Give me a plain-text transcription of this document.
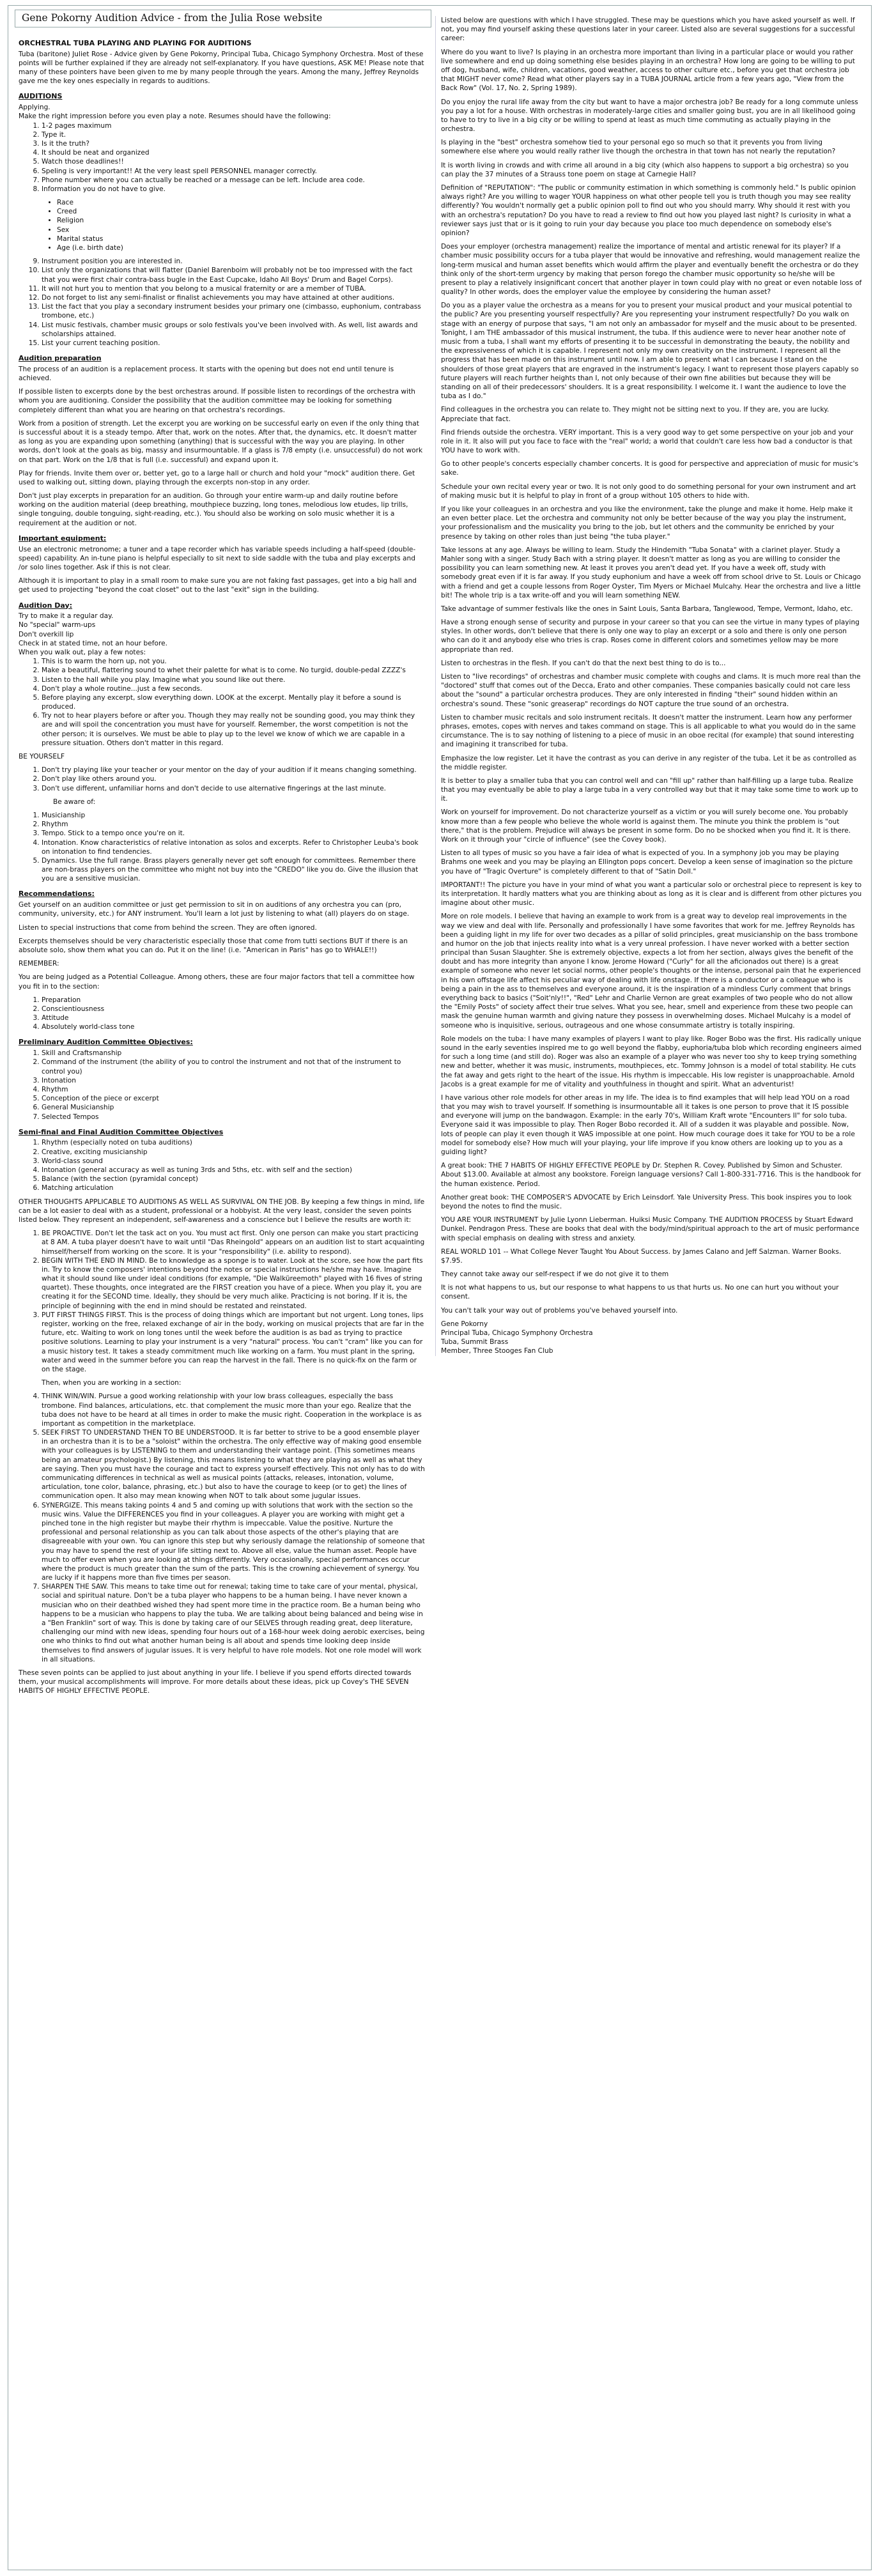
Gene Pokorny Audition Advice - from the Julia Rose website
ORCHESTRAL TUBA PLAYING AND PLAYING FOR AUDITIONS

Tuba (baritone) Juliet Rose - Advice given by Gene Pokorny, Principal Tuba, Chicago Symphony Orchestra. Most of these points will be further explained if they are already not self-explanatory. If you have questions, ASK ME! Please note that many of these pointers have been given to me by many people through the years. Among the many, Jeffrey Reynolds gave me the key ones especially in regards to auditions.

AUDITIONS
Applying.
Make the right impression before you even play a note. Resumes should have the following:
1. 1-2 pages maximum
2. Type it.
3. Is it the truth?
4. It should be neat and organized
5. Watch those deadlines!!
6. Speling is very important!! At the very least spell PERSONNEL manager correctly.
7. Phone number where you can actually be reached or a message can be left. Include area code.
8. Information you do not have to give.
• Race
• Creed
• Religion
• Sex
• Marital status
• Age (i.e. birth date)
9. Instrument position you are interested in.
10. List only the organizations that will flatter (Daniel Barenboim will probably not be too impressed with the fact that you were first chair contra-bass bugle in the East Cupcake, Idaho All Boys' Drum and Bagel Corps).
11. It will not hurt you to mention that you belong to a musical fraternity or are a member of TUBA.
12. Do not forget to list any semi-finalist or finalist achievements you may have attained at other auditions.
13. List the fact that you play a secondary instrument besides your primary one (cimbasso, euphonium, contrabass trombone, etc.)
14. List music festivals, chamber music groups or solo festivals you've been involved with. As well, list awards and scholarships attained.
15. List your current teaching position.
Audition preparation

The process of an audition is a replacement process. It starts with the opening but does not end until tenure is achieved.

If possible listen to excerpts done by the best orchestras around. If possible listen to recordings of the orchestra with whom you are auditioning. Consider the possibility that the audition committee may be looking for something completely different than what you are hearing on that orchestra's recordings.

Work from a position of strength. Let the excerpt you are working on be successful early on even if the only thing that is successful about it is a steady tempo. After that, work on the notes. After that, the dynamics, etc. It doesn't matter as long as you are expanding upon something (anything) that is successful with the way you are playing. In other words, don't look at the goals as big, massy and insurmountable. If a glass is 7/8 empty (i.e. unsuccessful) do not work on that part. Work on the 1/8 that is full (i.e. successful) and expand upon it.

Play for friends. Invite them over or, better yet, go to a large hall or church and hold your "mock" audition there. Get used to walking out, sitting down, playing through the excerpts non-stop in any order.

Don't just play excerpts in preparation for an audition. Go through your entire warm-up and daily routine before working on the audition material (deep breathing, mouthpiece buzzing, long tones, melodious low etudes, lip trills, single tonguing, double tonguing, sight-reading, etc.). You should also be working on solo music whether it is a requirement at the audition or not.

Important equipment:

Use an electronic metronome; a tuner and a tape recorder which has variable speeds including a half-speed (double-speed) capability. An in-tune piano is helpful especially to sit next to side saddle with the tuba and play excerpts and /or solo lines together. Ask if this is not clear.

Although it is important to play in a small room to make sure you are not faking fast passages, get into a big hall and get used to projecting "beyond the coat closet" out to the last "exit" sign in the building.

Audition Day:
Try to make it a regular day.
No "special" warm-ups
Don't overkill lip
Check in at stated time, not an hour before.
When you walk out, play a few notes:
1. This is to warm the horn up, not you.
2. Make a beautiful, flattering sound to whet their palette for what is to come. No turgid, double-pedal ZZZZ's
3. Listen to the hall while you play. Imagine what you sound like out there.
4. Don't play a whole routine...just a few seconds.
5. Before playing any excerpt, slow everything down. LOOK at the excerpt. Mentally play it before a sound is produced.
6. Try not to hear players before or after you. Though they may really not be sounding good, you may think they are and will spoil the concentration you must have for yourself. Remember, the worst competition is not the other person; it is ourselves. We must be able to play up to the level we know of which we are capable in a pressure situation. Others don't matter in this regard.

BE YOURSELF

1. Don't try playing like your teacher or your mentor on the day of your audition if it means changing something.
2. Don't play like others around you.
3. Don't use different, unfamiliar horns and don't decide to use alternative fingerings at the last minute.

Be aware of:

1. Musicianship
2. Rhythm
3. Tempo. Stick to a tempo once you're on it.
4. Intonation. Know characteristics of relative intonation as solos and excerpts. Refer to Christopher Leuba's book on intonation to find tendencies.
5. Dynamics. Use the full range. Brass players generally never get soft enough for committees. Remember there are non-brass players on the committee who might not buy into the "CREDO" like you do. Give the illusion that you are a sensitive musician.
Recommendations:

Get yourself on an audition committee or just get permission to sit in on auditions of any orchestra you can (pro, community, university, etc.) for ANY instrument. You'll learn a lot just by listening to what (all) players do on stage.

Listen to special instructions that come from behind the screen. They are often ignored.

Excerpts themselves should be very characteristic especially those that come from tutti sections BUT if there is an absolute solo, show them what you can do. Put it on the line! (i.e. "American in Paris" has go to WHALE!!)

REMEMBER:

You are being judged as a Potential Colleague. Among others, these are four major factors that tell a committee how you fit in to the section:

1. Preparation
2. Conscientiousness
3. Attitude
4. Absolutely world-class tone
Preliminary Audition Committee Objectives:
1. Skill and Craftsmanship
2. Command of the instrument (the ability of you to control the instrument and not that of the instrument to control you)
3. Intonation
4. Rhythm
5. Conception of the piece or excerpt
6. General Musicianship
7. Selected Tempos
Semi-final and Final Audition Committee Objectives
1. Rhythm (especially noted on tuba auditions)
2. Creative, exciting musicianship
3. World-class sound
4. Intonation (general accuracy as well as tuning 3rds and 5ths, etc. with self and the section)
5. Balance (with the section (pyramidal concept)
6. Matching articulation

OTHER THOUGHTS APPLICABLE TO AUDITIONS AS WELL AS SURVIVAL ON THE JOB. By keeping a few things in mind, life can be a lot easier to deal with as a student, professional or a hobbyist. At the very least, consider the seven points listed below. They represent an independent, self-awareness and a conscience but I believe the results are worth it:

1. BE PROACTIVE. Don't let the task act on you. You must act first. Only one person can make you start practicing at 8 AM. A tuba player doesn't have to wait until "Das Rheingold" appears on an audition list to start acquainting himself/herself from working on the score. It is your "responsibility" (i.e. ability to respond).
2. BEGIN WITH THE END IN MIND. Be to knowledge as a sponge is to water. Look at the score, see how the part fits in. Try to know the composers' intentions beyond the notes or special instructions he/she may have. Imagine what it should sound like under ideal conditions (for example, "Die Walküreemoth" played with 16 fives of string quartet). These thoughts, once integrated are the FIRST creation you have of a piece. When you play it, you are creating it for the SECOND time. Ideally, they should be very much alike. Practicing is not boring. If it is, the principle of beginning with the end in mind should be restated and reinstated.
3. PUT FIRST THINGS FIRST. This is the process of doing things which are important but not urgent. Long tones, lips register, working on the free, relaxed exchange of air in the body, working on musical projects that are far in the future, etc. Waiting to work on long tones until the week before the audition is as bad as trying to practice positive solutions. Learning to play your instrument is a very "natural" process. You can't "cram" like you can for a music history test. It takes a steady commitment much like working on a farm. You must plant in the spring, water and weed in the summer before you can reap the harvest in the fall. There is no quick-fix on the farm or on the stage.

Then, when you are working in a section:

4. THINK WIN/WIN. Pursue a good working relationship with your low brass colleagues, especially the bass trombone. Find balances, articulations, etc. that complement the music more than your ego. Realize that the tuba does not have to be heard at all times in order to make the music right. Cooperation in the workplace is as important as competition in the marketplace.
5. SEEK FIRST TO UNDERSTAND THEN TO BE UNDERSTOOD. It is far better to strive to be a good ensemble player in an orchestra than it is to be a "soloist" within the orchestra. The only effective way of making good ensemble with your colleagues is by LISTENING to them and understanding their vantage point. (This sometimes means being an amateur psychologist.) By listening, this means listening to what they are playing as well as what they are saying. Then you must have the courage and tact to express yourself effectively. This not only has to do with communicating differences in technical as well as musical points (attacks, releases, intonation, volume, articulation, tone color, balance, phrasing, etc.) but also to have the courage to keep (or to get) the lines of communication open. It also may mean knowing when NOT to talk about some jugular issues.
6. SYNERGIZE. This means taking points 4 and 5 and coming up with solutions that work with the section so the music wins. Value the DIFFERENCES you find in your colleagues. A player you are working with might get a pinched tone in the high register but maybe their rhythm is impeccable. Value the positive. Nurture the professional and personal relationship as you can talk about those aspects of the other's playing that are disagreeable with your own. You can ignore this step but why seriously damage the relationship of someone that you may have to spend the rest of your life sitting next to. Above all else, value the human asset. People have much to offer even when you are looking at things differently. Very occasionally, special performances occur where the product is much greater than the sum of the parts. This is the crowning achievement of synergy. You are lucky if it happens more than five times per season.
7. SHARPEN THE SAW. This means to take time out for renewal; taking time to take care of your mental, physical, social and spiritual nature. Don't be a tuba player who happens to be a human being. I have never known a musician who on their deathbed wished they had spent more time in the practice room. Be a human being who happens to be a musician who happens to play the tuba. We are talking about being balanced and being wise in a "Ben Franklin" sort of way. This is done by taking care of our SELVES through reading great, deep literature, challenging our mind with new ideas, spending four hours out of a 168-hour week doing aerobic exercises, being one who thinks to find out what another human being is all about and spends time looking deep inside themselves to find answers of jugular issues. It is very helpful to have role models. Not one role model will work in all situations.

These seven points can be applied to just about anything in your life. I believe if you spend efforts directed towards them, your musical accomplishments will improve. For more details about these ideas, pick up Covey's THE SEVEN HABITS OF HIGHLY EFFECTIVE PEOPLE.

Listed below are questions with which I have struggled. These may be questions which you have asked yourself as well. If not, you may find yourself asking these questions later in your career. Listed also are several suggestions for a successful career:

Where do you want to live? Is playing in an orchestra more important than living in a particular place or would you rather live somewhere and end up doing something else besides playing in an orchestra? How long are going to be willing to put off dog, husband, wife, children, vacations, good weather, access to other culture etc., before you get that orchestra job that MIGHT never come? Read what other players say in a TUBA JOURNAL article from a few years ago, "View from the Back Row" (Vol. 17, No. 2, Spring 1989).

Do you enjoy the rural life away from the city but want to have a major orchestra job? Be ready for a long commute unless you pay a lot for a house. With orchestras in moderately-large cities and smaller going bust, you are in all likelihood going to have to try to live in a big city or be willing to spend at least as much time commuting as actually playing in the orchestra.

Is playing in the "best" orchestra somehow tied to your personal ego so much so that it prevents you from living somewhere else where you would really rather live though the orchestra in that town has not nearly the reputation?

It is worth living in crowds and with crime all around in a big city (which also happens to support a big orchestra) so you can play the 37 minutes of a Strauss tone poem on stage at Carnegie Hall?

Definition of "REPUTATION": "The public or community estimation in which something is commonly held." Is public opinion always right? Are you willing to wager YOUR happiness on what other people tell you is truth though you may see reality differently? You wouldn't normally get a public opinion poll to find out who you should marry. Why should it rest with you with an orchestra's reputation? Do you have to read a review to find out how you played last night? Is curiosity in what a reviewer says just that or is it going to ruin your day because you place too much dependence on somebody else's opinion?

Does your employer (orchestra management) realize the importance of mental and artistic renewal for its player? If a chamber music possibility occurs for a tuba player that would be innovative and refreshing, would management realize the long-term musical and human asset benefits which would affirm the player and eventually benefit the orchestra or do they think only of the short-term urgency by making that person forego the chamber music opportunity so he/she will be present to play a relatively insignificant concert that another player in town could play with no great or even notable loss of quality? In other words, does the employer value the employee by considering the human asset?

Do you as a player value the orchestra as a means for you to present your musical product and your musical potential to the public? Are you presenting yourself respectfully? Are you representing your instrument respectfully? Do you walk on stage with an energy of purpose that says, "I am not only an ambassador for myself and the music about to be presented. Tonight, I am THE ambassador of this musical instrument, the tuba. If this audience were to never hear another note of music from a tuba, I shall want my efforts of presenting it to be successful in demonstrating the beauty, the nobility and the expressiveness of which it is capable. I represent not only my own creativity on the instrument. I represent all the progress that has been made on this instrument until now. I am able to present what I can because I stand on the shoulders of those great players that are engraved in the instrument's legacy. I want to represent those players capably so future players will reach further heights than I, not only because of their own fine abilities but because they will be standing on all of their predecessors' shoulders. It is a great responsibility. I welcome it. I want the audience to love the tuba as I do."

Find colleagues in the orchestra you can relate to. They might not be sitting next to you. If they are, you are lucky. Appreciate that fact.

Find friends outside the orchestra. VERY important. This is a very good way to get some perspective on your job and your role in it. It also will put you face to face with the "real" world; a world that couldn't care less how bad a conductor is that YOU have to work with.

Go to other people's concerts especially chamber concerts. It is good for perspective and appreciation of music for music's sake.

Schedule your own recital every year or two. It is not only good to do something personal for your own instrument and art of making music but it is helpful to play in front of a group without 105 others to hide with.

If you like your colleagues in an orchestra and you like the environment, take the plunge and make it home. Help make it an even better place. Let the orchestra and community not only be better because of the way you play the instrument, your professionalism and the musicality you bring to the job, but let others and the community be enriched by your presence by taking on other roles than just being "the tuba player."

Take lessons at any age. Always be willing to learn. Study the Hindemith "Tuba Sonata" with a clarinet player. Study a Mahler song with a singer. Study Bach with a string player. It doesn't matter as long as you are willing to consider the possibility you can learn something new. At least it proves you aren't dead yet. If you have a week off, study with somebody great even if it is far away. If you study euphonium and have a week off from school drive to St. Louis or Chicago with a friend and get a couple lessons from Roger Oyster, Tim Myers or Michael Mulcahy. Hear the orchestra and live a little bit! The whole trip is a tax write-off and you will learn something NEW.

Take advantage of summer festivals like the ones in Saint Louis, Santa Barbara, Tanglewood, Tempe, Vermont, Idaho, etc.

Have a strong enough sense of security and purpose in your career so that you can see the virtue in many types of playing styles. In other words, don't believe that there is only one way to play an excerpt or a solo and there is only one person who can do it and anybody else who tries is crap. Roses come in different colors and sometimes yellow may be more appropriate than red.

Listen to orchestras in the flesh. If you can't do that the next best thing to do is to...

Listen to "live recordings" of orchestras and chamber music complete with coughs and clams. It is much more real than the "doctored" stuff that comes out of the Decca, Erato and other companies. These companies basically could not care less about the "sound" a particular orchestra produces. They are only interested in finding "their" sound hidden within an orchestra's sound. These "sonic greaserap" recordings do NOT capture the true sound of an orchestra.

Listen to chamber music recitals and solo instrument recitals. It doesn't matter the instrument. Learn how any performer phrases, emotes, copes with nerves and takes command on stage. This is all applicable to what you would do in the same circumstance. The is to say nothing of listening to a piece of music in an oboe recital (for example) that sound interesting and imagining it transcribed for tuba.

Emphasize the low register. Let it have the contrast as you can derive in any register of the tuba. Let it be as controlled as the middle register.

It is better to play a smaller tuba that you can control well and can "fill up" rather than half-filling up a large tuba. Realize that you may eventually be able to play a large tuba in a very controlled way but that it may take some time to work up to it.

Work on yourself for improvement. Do not characterize yourself as a victim or you will surely become one. You probably know more than a few people who believe the whole world is against them. The minute you think the problem is "out there," that is the problem. Prejudice will always be present in some form. Do no be shocked when you find it. It is there. Work on it through your "circle of influence" (see the Covey book).

Listen to all types of music so you have a fair idea of what is expected of you. In a symphony job you may be playing Brahms one week and you may be playing an Ellington pops concert. Develop a keen sense of imagination so the picture you have of "Tragic Overture" is completely different to that of "Satin Doll."

IMPORTANT!! The picture you have in your mind of what you want a particular solo or orchestral piece to represent is key to its interpretation. It hardly matters what you are thinking about as long as it is clear and is different from other pictures you imagine about other music.

More on role models. I believe that having an example to work from is a great way to develop real improvements in the way we view and deal with life. Personally and professionally I have some favorites that work for me. Jeffrey Reynolds has been a guiding light in my life for over two decades as a pillar of solid principles, great musicianship on the bass trombone and humor on the job that injects reality into what is a very unreal profession. I have never worked with a better section principal than Susan Slaughter. She is extremely objective, expects a lot from her section, always gives the benefit of the doubt and has more integrity than anyone I know. Jerome Howard ("Curly" for all the aficionados out there) is a great example of someone who never let social norms, other people's thoughts or the intense, personal pain that he experienced in his own offstage life affect his peculiar way of dealing with life onstage. If there is a conductor or a colleague who is being a pain in the ass to themselves and everyone around, it is the inspiration of a mindless Curly comment that brings everything back to basics ("Soit'nly!!", "Red" Lehr and Charlie Vernon are great examples of two people who do not allow the "Emily Posts" of society affect their true selves. What you see, hear, smell and experience from these two people can mask the genuine human warmth and giving nature they possess in overwhelming doses. Michael Mulcahy is a model of someone who is inquisitive, serious, outrageous and one whose consummate artistry is totally inspiring.

Role models on the tuba: I have many examples of players I want to play like. Roger Bobo was the first. His radically unique sound in the early seventies inspired me to go well beyond the flabby, euphoria/tuba blob which recording engineers aimed for such a long time (and still do). Roger was also an example of a player who was never too shy to keep trying something new and better, whether it was music, instruments, mouthpieces, etc. Tommy Johnson is a model of total stability. He cuts the fat away and gets right to the heart of the issue. His rhythm is impeccable. His low register is unapproachable. Arnold Jacobs is a great example for me of vitality and youthfulness in thought and spirit. What an adventurist!

I have various other role models for other areas in my life. The idea is to find examples that will help lead YOU on a road that you may wish to travel yourself. If something is insurmountable all it takes is one person to prove that it IS possible and everyone will jump on the bandwagon. Example: in the early 70's, William Kraft wrote "Encounters II" for solo tuba. Everyone said it was impossible to play. Then Roger Bobo recorded it. All of a sudden it was playable and possible. Now, lots of people can play it even though it WAS impossible at one point. How much courage does it take for YOU to be a role model for somebody else? How much will your playing, your life improve if you know others are looking up to you as a guiding light?

A great book: THE 7 HABITS OF HIGHLY EFFECTIVE PEOPLE by Dr. Stephen R. Covey. Published by Simon and Schuster. About $13.00. Available at almost any bookstore. Foreign language versions? Call 1-800-331-7716. This is the handbook for the human existence. Period.

Another great book: THE COMPOSER'S ADVOCATE by Erich Leinsdorf. Yale University Press. This book inspires you to look beyond the notes to find the music.

YOU ARE YOUR INSTRUMENT by Julie Lyonn Lieberman. Huiksi Music Company. THE AUDITION PROCESS by Stuart Edward Dunkel. Pendragon Press. These are books that deal with the body/mind/spiritual approach to the art of music performance with special emphasis on dealing with stress and anxiety.

REAL WORLD 101 -- What College Never Taught You About Success. by James Calano and Jeff Salzman. Warner Books. $7.95.

They cannot take away our self-respect if we do not give it to them

It is not what happens to us, but our response to what happens to us that hurts us. No one can hurt you without your consent.

You can't talk your way out of problems you've behaved yourself into.

Gene Pokorny
Principal Tuba, Chicago Symphony Orchestra
Tuba, Summit Brass
Member, Three Stooges Fan Club
